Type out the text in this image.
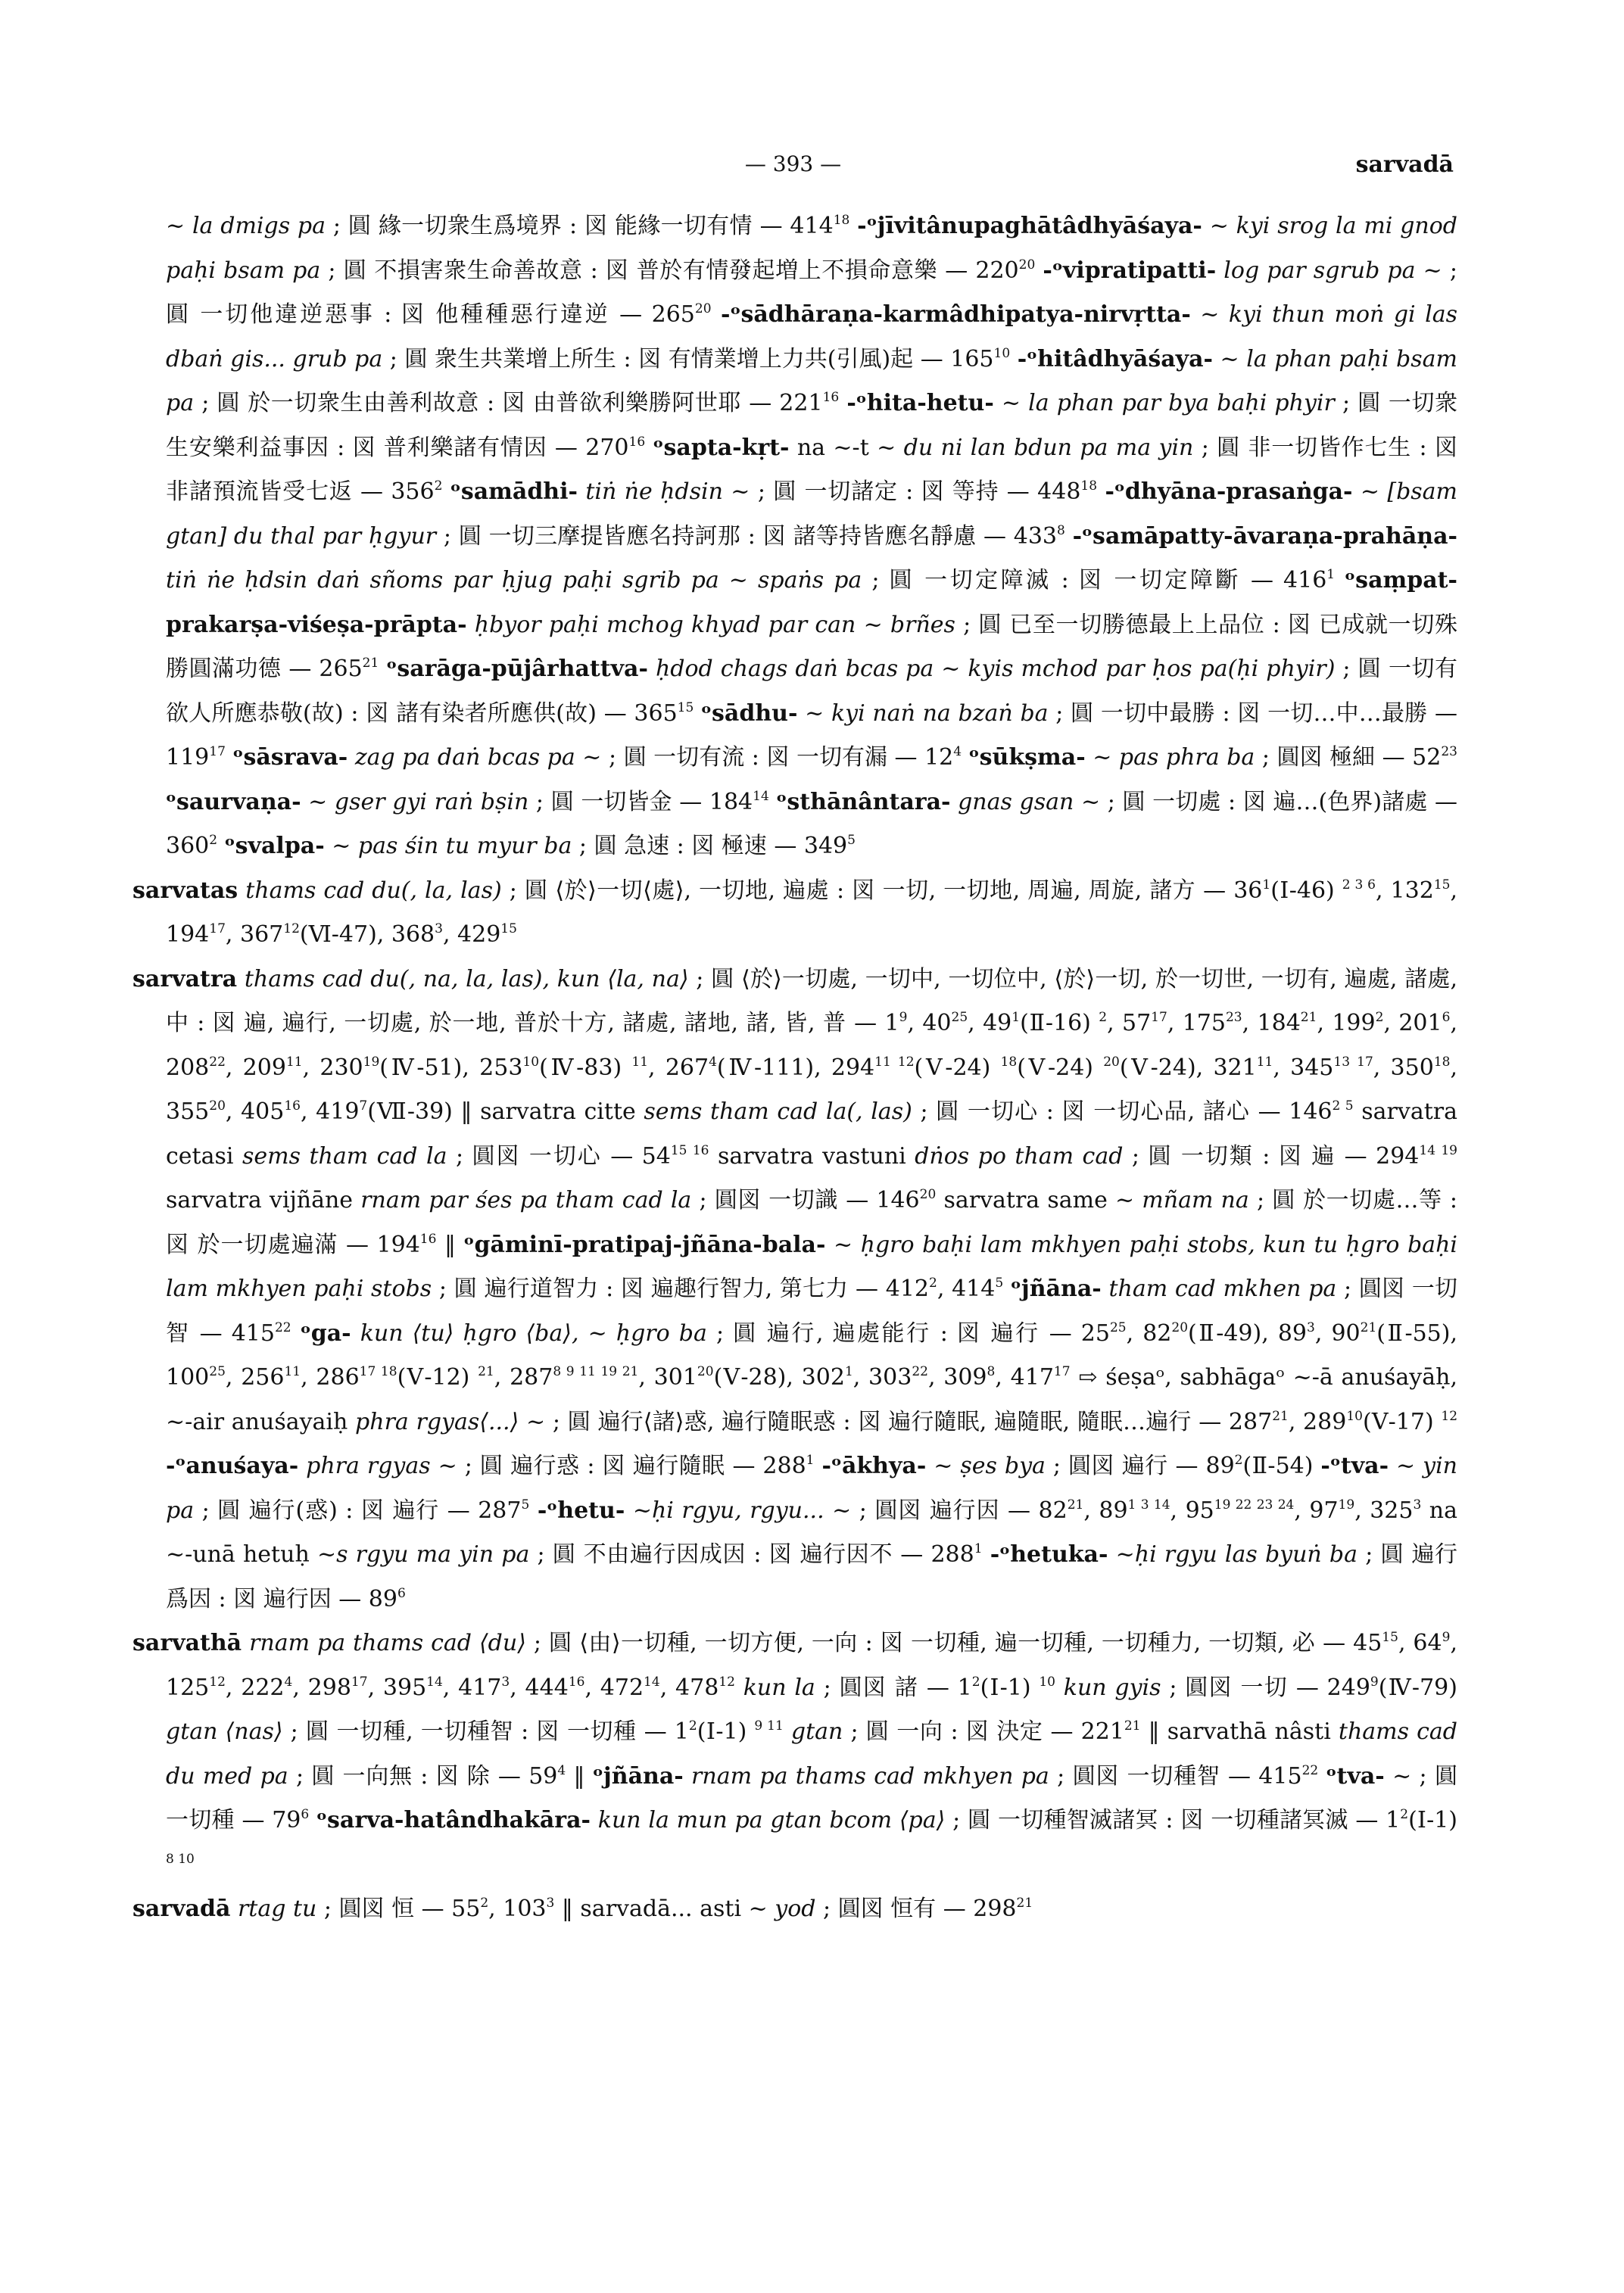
— 393 —	sarvadā

~ la dmigs pa ; 圓 緣一切衆生爲境界 : 図 能緣一切有情 — $414^{18}$ -ᵒjīvitânupaghātâdhyāśaya- ~ kyi srog la mi gnod paḥi bsam pa ; 圓 不損害衆生命善故意 : 図 普於有情發起増上不損命意樂 — $220^{20}$ -ᵒvipratipatti- log par sgrub pa ~ ; 圓 一切他違逆惡事 : 図 他種種惡行違逆 — $265^{20}$ -ᵒsādhāraṇa-karmâdhipatya-nirvṛtta- ~ kyi thun moṅ gi las dbaṅ gis... grub pa ; 圓 衆生共業增上所生 : 図 有情業增上力共(引風)起 — $165^{10}$ -ᵒhitâdhyāśaya- ~ la phan paḥi bsam pa ; 圓 於一切衆生由善利故意 : 図 由普欲利樂勝阿世耶 — $221^{16}$ -ᵒhita-hetu- ~ la phan par bya baḥi phyir ; 圓 一切衆生安樂利益事因 : 図 普利樂諸有情因 — $270^{16}$ ᵒsapta-kṛt- na ~-t ~ du ni lan bdun pa ma yin ; 圓 非一切皆作七生 : 図 非諸預流皆受七返 — $356^2$ ᵒsamādhi- tiṅ ṅe ḥdsin ~ ; 圓 一切諸定 : 図 等持 — $448^{18}$ -ᵒdhyāna-prasaṅga- ~ [bsam gtan] du thal par ḥgyur ; 圓 一切三摩提皆應名持訶那 : 図 諸等持皆應名靜慮 — $433^8$ -ᵒsamāpatty-āvaraṇa-prahāṇa- tiṅ ṅe ḥdsin daṅ sñoms par ḥjug paḥi sgrib pa ~ spaṅs pa ; 圓 一切定障滅 : 図 一切定障斷 — $416^1$ ᵒsaṃpat-prakarṣa-viśeṣa-prāpta- ḥbyor paḥi mchog khyad par can ~ brñes ; 圓 已至一切勝德最上上品位 : 図 已成就一切殊勝圓滿功德 — $265^{21}$ ᵒsarāga-pūjârhattva- ḥdod chags daṅ bcas pa ~ kyis mchod par ḥos pa(ḥi phyir) ; 圓 一切有欲人所應恭敬(故) : 図 諸有染者所應供(故) — $365^{15}$ ᵒsādhu- ~ kyi naṅ na bzaṅ ba ; 圓 一切中最勝 : 図 一切…中…最勝 — $119^{17}$ ᵒsāsrava- zag pa daṅ bcas pa ~ ; 圓 一切有流 : 図 一切有漏 — $12^4$ ᵒsūkṣma- ~ pas phra ba ; 圓図 極細 — $52^{23}$ ᵒsaurvaṇa- ~ gser gyi raṅ bṣin ; 圓 一切皆金 — $184^{14}$ ᵒsthānântara- gnas gsan ~ ; 圓 一切處 : 図 遍…(色界)諸處 — $360^2$ ᵒsvalpa- ~ pas śin tu myur ba ; 圓 急速 : 図 極速 — $349^5$

sarvatas thams cad du(, la, las) ; 圓 ⟨於⟩一切⟨處⟩, 一切地, 遍處 : 図 一切, 一切地, 周遍, 周旋, 諸方 — $36^1(Ⅰ-46)$ $^{2 3 6}$, $132^{15}$, $194^{17}$, $367^{12}(Ⅵ-47)$, $368^3$, $429^{15}$

sarvatra thams cad du(, na, la, las), kun ⟨la, na⟩ ; 圓 ⟨於⟩一切處, 一切中, 一切位中, ⟨於⟩一切, 於一切世, 一切有, 遍處, 諸處, 中 : 図 遍, 遍行, 一切處, 於一地, 普於十方, 諸處, 諸地, 諸, 皆, 普 — $1^9$, $40^{25}$, $49^1(Ⅱ-16)$ $^2$, $57^{17}$, $175^{23}$, $184^{21}$, $199^2$, $201^6$, $208^{22}$, $209^{11}$, $230^{19}(Ⅳ-51)$, $253^{10}(Ⅳ-83)$ $^{11}$, $267^4(Ⅳ-111)$, $294^{11 12}(Ⅴ-24)$ $^{18}$(Ⅴ-24) $^{20}$(Ⅴ-24), $321^{11}$, $345^{13 17}$, $350^{18}$, $355^{20}$, $405^{16}$, $419^7(Ⅶ-39)$ ‖ sarvatra citte sems tham cad la(, las) ; 圓 一切心 : 図 一切心品, 諸心 — $146^{2 5}$ sarvatra cetasi sems tham cad la ; 圓図 一切心 — $54^{15 16}$ sarvatra vastuni dṅos po tham cad ; 圓 一切類 : 図 遍 — $294^{14 19}$ sarvatra vijñāne rnam par śes pa tham cad la ; 圓図 一切識 — $146^{20}$ sarvatra same ~ mñam na ; 圓 於一切處…等 : 図 於一切處遍滿 — $194^{16}$ ‖ ᵒgāminī-pratipaj-jñāna-bala- ~ ḥgro baḥi lam mkhyen paḥi stobs, kun tu ḥgro baḥi lam mkhyen paḥi stobs ; 圓 遍行道智力 : 図 遍趣行智力, 第七力 — $412^2$, $414^5$ ᵒjñāna- tham cad mkhen pa ; 圓図 一切智 — $415^{22}$ ᵒga- kun ⟨tu⟩ ḥgro ⟨ba⟩, ~ ḥgro ba ; 圓 遍行, 遍處能行 : 図 遍行 — $25^{25}$, $82^{20}(Ⅱ-49)$, $89^3$, $90^{21}(Ⅱ-55)$, $100^{25}$, $256^{11}$, $286^{17 18}(Ⅴ-12)$ $^{21}$, $287^{8 9 11 19 21}$, $301^{20}(Ⅴ-28)$, $302^1$, $303^{22}$, $309^8$, $417^{17}$ ⇨ śeṣaᵒ, sabhāgaᵒ ~-ā anuśayāḥ, ~-air anuśayaiḥ phra rgyas⟨...⟩ ~ ; 圓 遍行⟨諸⟩惑, 遍行隨眠惑 : 図 遍行隨眠, 遍隨眠, 隨眠…遍行 — $287^{21}$, $289^{10}(Ⅴ-17)$ $^{12}$ -ᵒanuśaya- phra rgyas ~ ; 圓 遍行惑 : 図 遍行隨眠 — $288^1$ -ᵒākhya- ~ ṣes bya ; 圓図 遍行 — $89^2(Ⅱ-54)$ -ᵒtva- ~ yin pa ; 圓 遍行(惑) : 図 遍行 — $287^5$ -ᵒhetu- ~ḥi rgyu, rgyu... ~ ; 圓図 遍行因 — $82^{21}$, $89^{1 3 14}$, $95^{19 22 23 24}$, $97^{19}$, $325^3$ na ~-unā hetuḥ ~s rgyu ma yin pa ; 圓 不由遍行因成因 : 図 遍行因不 — $288^1$ -ᵒhetuka- ~ḥi rgyu las byuṅ ba ; 圓 遍行爲因 : 図 遍行因 — $89^6$

sarvathā rnam pa thams cad ⟨du⟩ ; 圓 ⟨由⟩一切種, 一切方便, 一向 : 図 一切種, 遍一切種, 一切種力, 一切類, 必 — $45^{15}$, $64^9$, $125^{12}$, $222^4$, $298^{17}$, $395^{14}$, $417^3$, $444^{16}$, $472^{14}$, $478^{12}$ kun la ; 圓図 諸 — $1^2(Ⅰ-1)$ $^{10}$ kun gyis ; 圓図 一切 — $249^9(Ⅳ-79)$ gtan ⟨nas⟩ ; 圓 一切種, 一切種智 : 図 一切種 — $1^2(Ⅰ-1)$ $^{9 11}$ gtan ; 圓 一向 : 図 決定 — $221^{21}$ ‖ sarvathā nâsti thams cad du med pa ; 圓 一向無 : 図 除 — $59^4$ ‖ ᵒjñāna- rnam pa thams cad mkhyen pa ; 圓図 一切種智 — $415^{22}$ ᵒtva- ~ ; 圓 一切種 — $79^6$ ᵒsarva-hatândhakāra- kun la mun pa gtan bcom ⟨pa⟩ ; 圓 一切種智滅諸冥 : 図 一切種諸冥滅 — $1^2(Ⅰ-1)$ $^{8 10}$

sarvadā rtag tu ; 圓図 恒 — $55^2$, $103^3$ ‖ sarvadā... asti ~ yod ; 圓図 恒有 — $298^{21}$
